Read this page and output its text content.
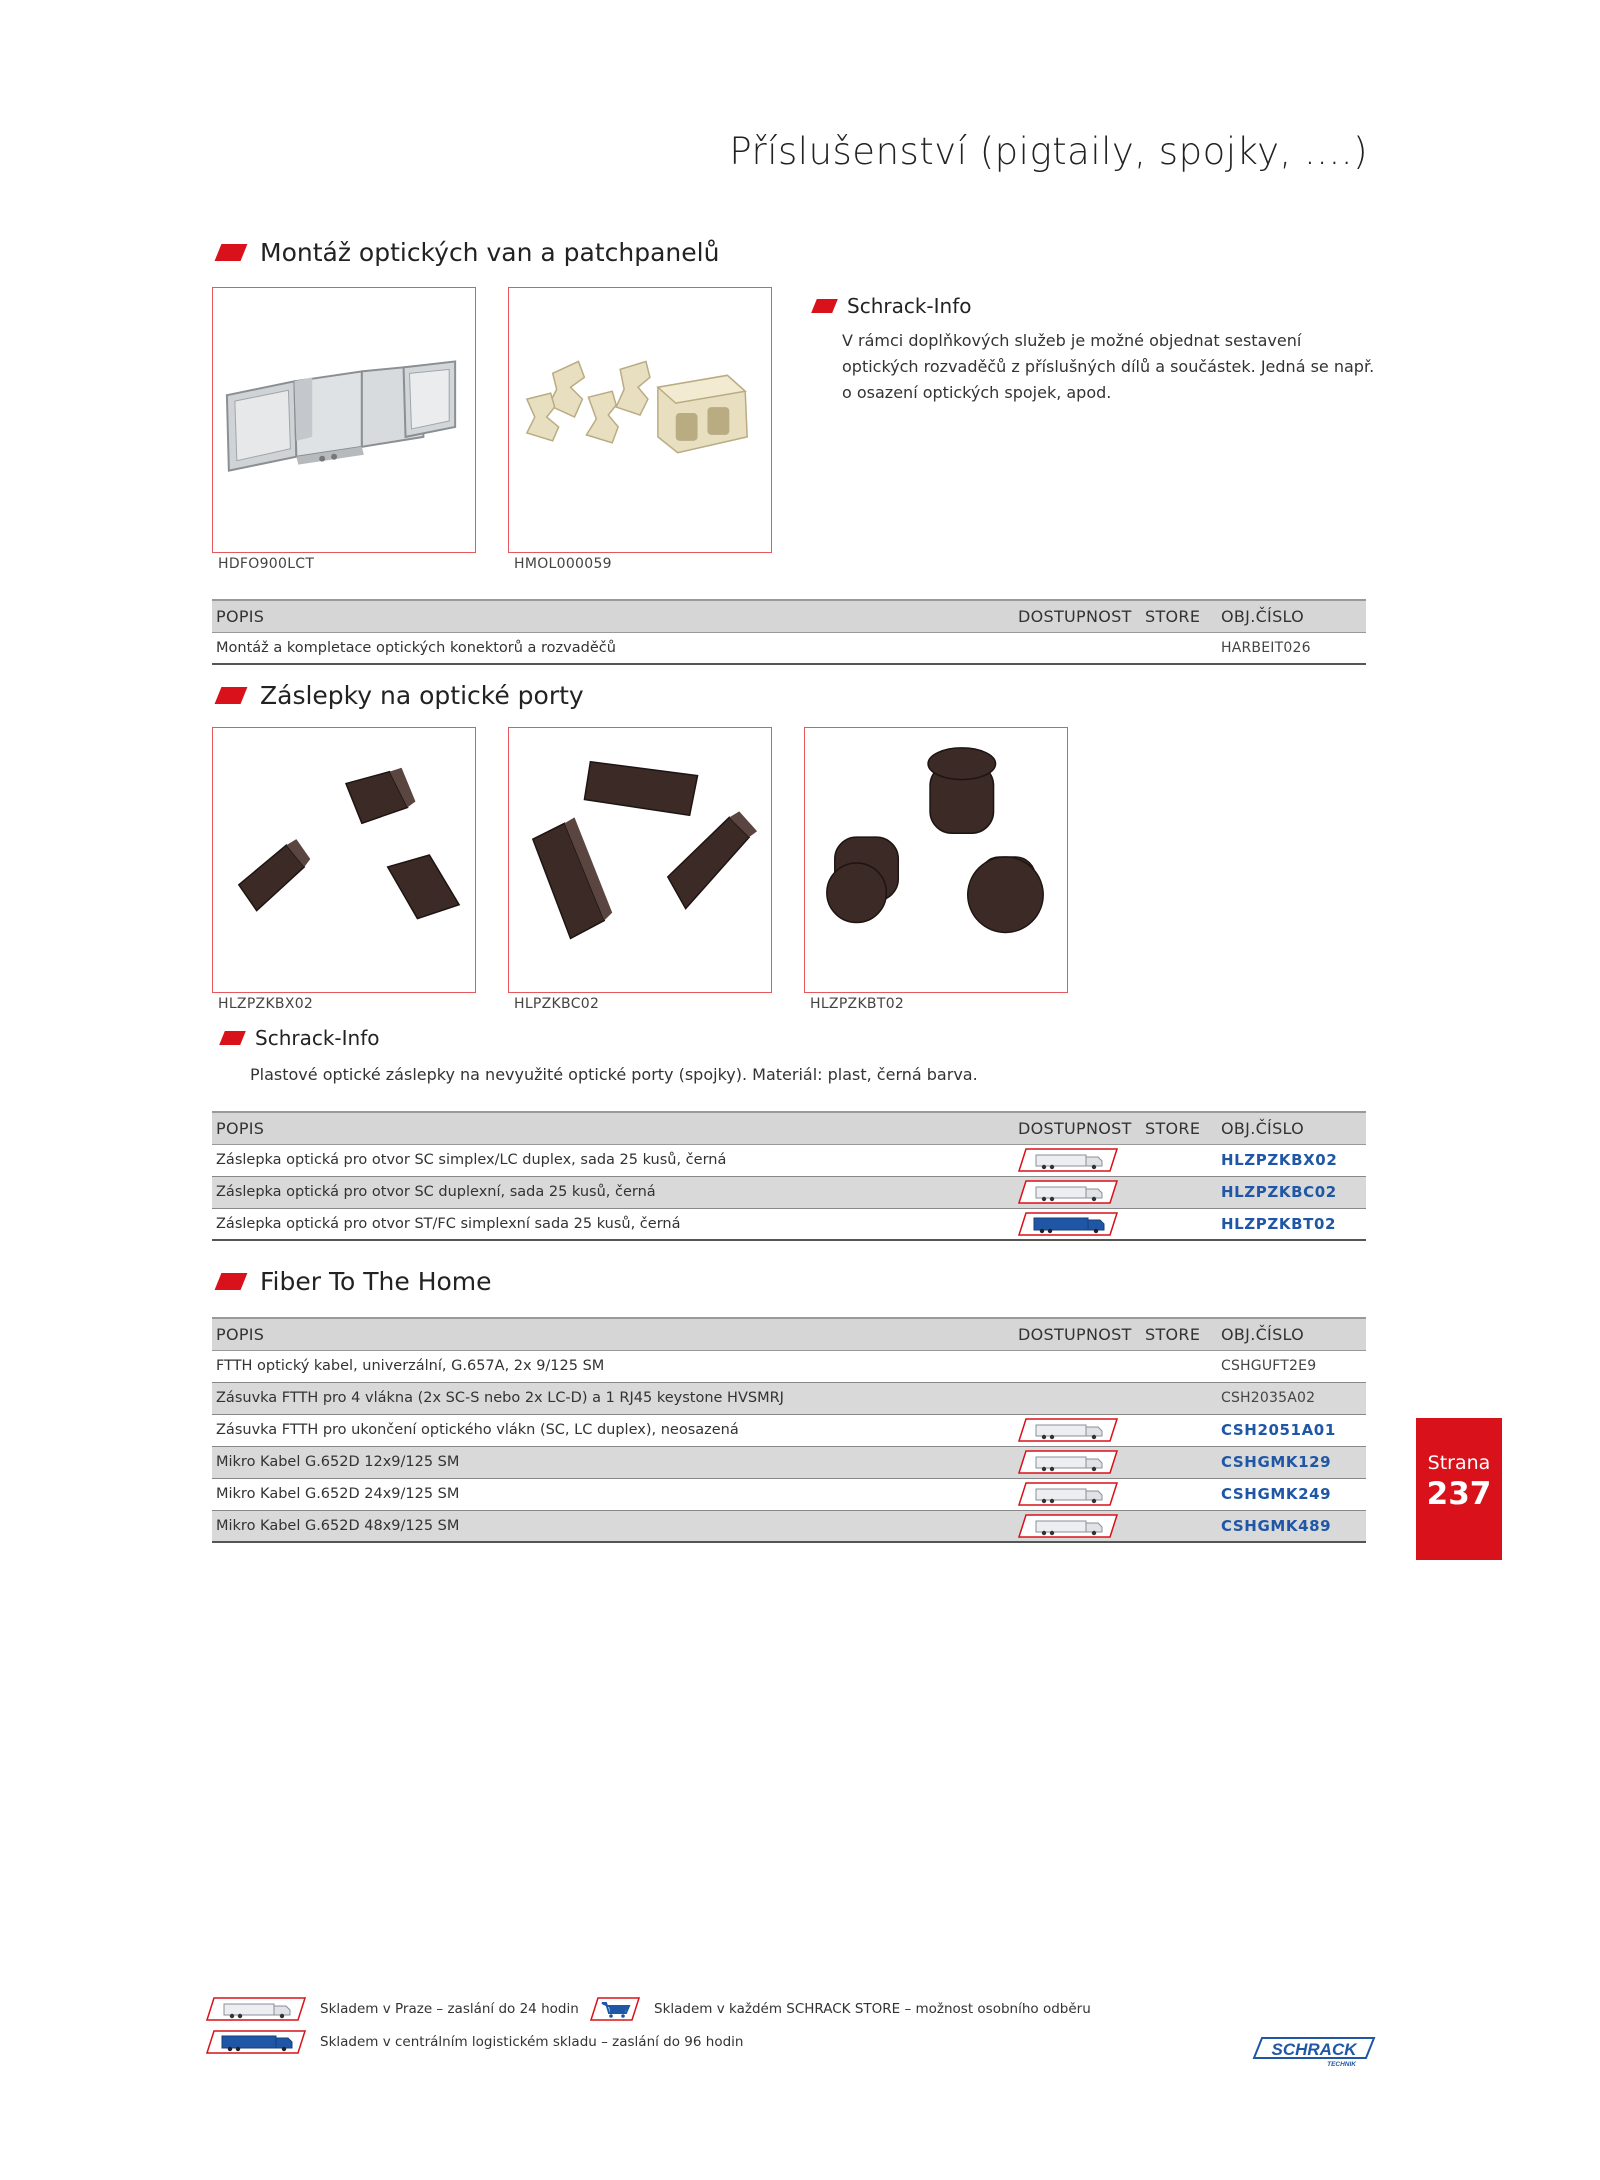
Příslušenství (pigtaily, spojky, ....)
Montáž optických van a patchpanelů
HDFO900LCT	HMOL000059
Schrack-Info
V rámci doplňkových služeb je možné objednat sestavení optických rozvaděčů z příslušných dílů a součástek. Jedná se např. o osazení optických spojek, apod.
POPIS	DOSTUPNOST	STORE	OBJ.ČÍSLO
Montáž a kompletace optických konektorů a rozvaděčů			HARBEIT026
Záslepky na optické porty
HLZPZKBX02	HLPZKBC02	HLZPZKBT02
Schrack-Info
Plastové optické záslepky na nevyužité optické porty (spojky). Materiál: plast, černá barva.
POPIS	DOSTUPNOST	STORE	OBJ.ČÍSLO
Záslepka optická pro otvor SC simplex/LC duplex, sada 25 kusů, černá			HLZPZKBX02
Záslepka optická pro otvor SC duplexní, sada 25 kusů, černá			HLZPZKBC02
Záslepka optická pro otvor ST/FC simplexní sada 25 kusů, černá			HLZPZKBT02
Fiber To The Home
POPIS	DOSTUPNOST	STORE	OBJ.ČÍSLO
FTTH optický kabel, univerzální, G.657A, 2x 9/125 SM			CSHGUFT2E9
Zásuvka FTTH pro 4 vlákna (2x SC-S nebo 2x LC-D) a 1 RJ45 keystone HVSMRJ			CSH2035A02
Zásuvka FTTH pro ukončení optického vlákn (SC, LC duplex), neosazená			CSH2051A01
Mikro Kabel G.652D 12x9/125 SM			CSHGMK129
Mikro Kabel G.652D 24x9/125 SM			CSHGMK249
Mikro Kabel G.652D 48x9/125 SM			CSHGMK489
Strana
237
Skladem v Praze – zaslání do 24 hodin	Skladem v každém SCHRACK STORE – možnost osobního odběru
Skladem v centrálním logistickém skladu – zaslání do 96 hodin	SCHRACK
TECHNIK
